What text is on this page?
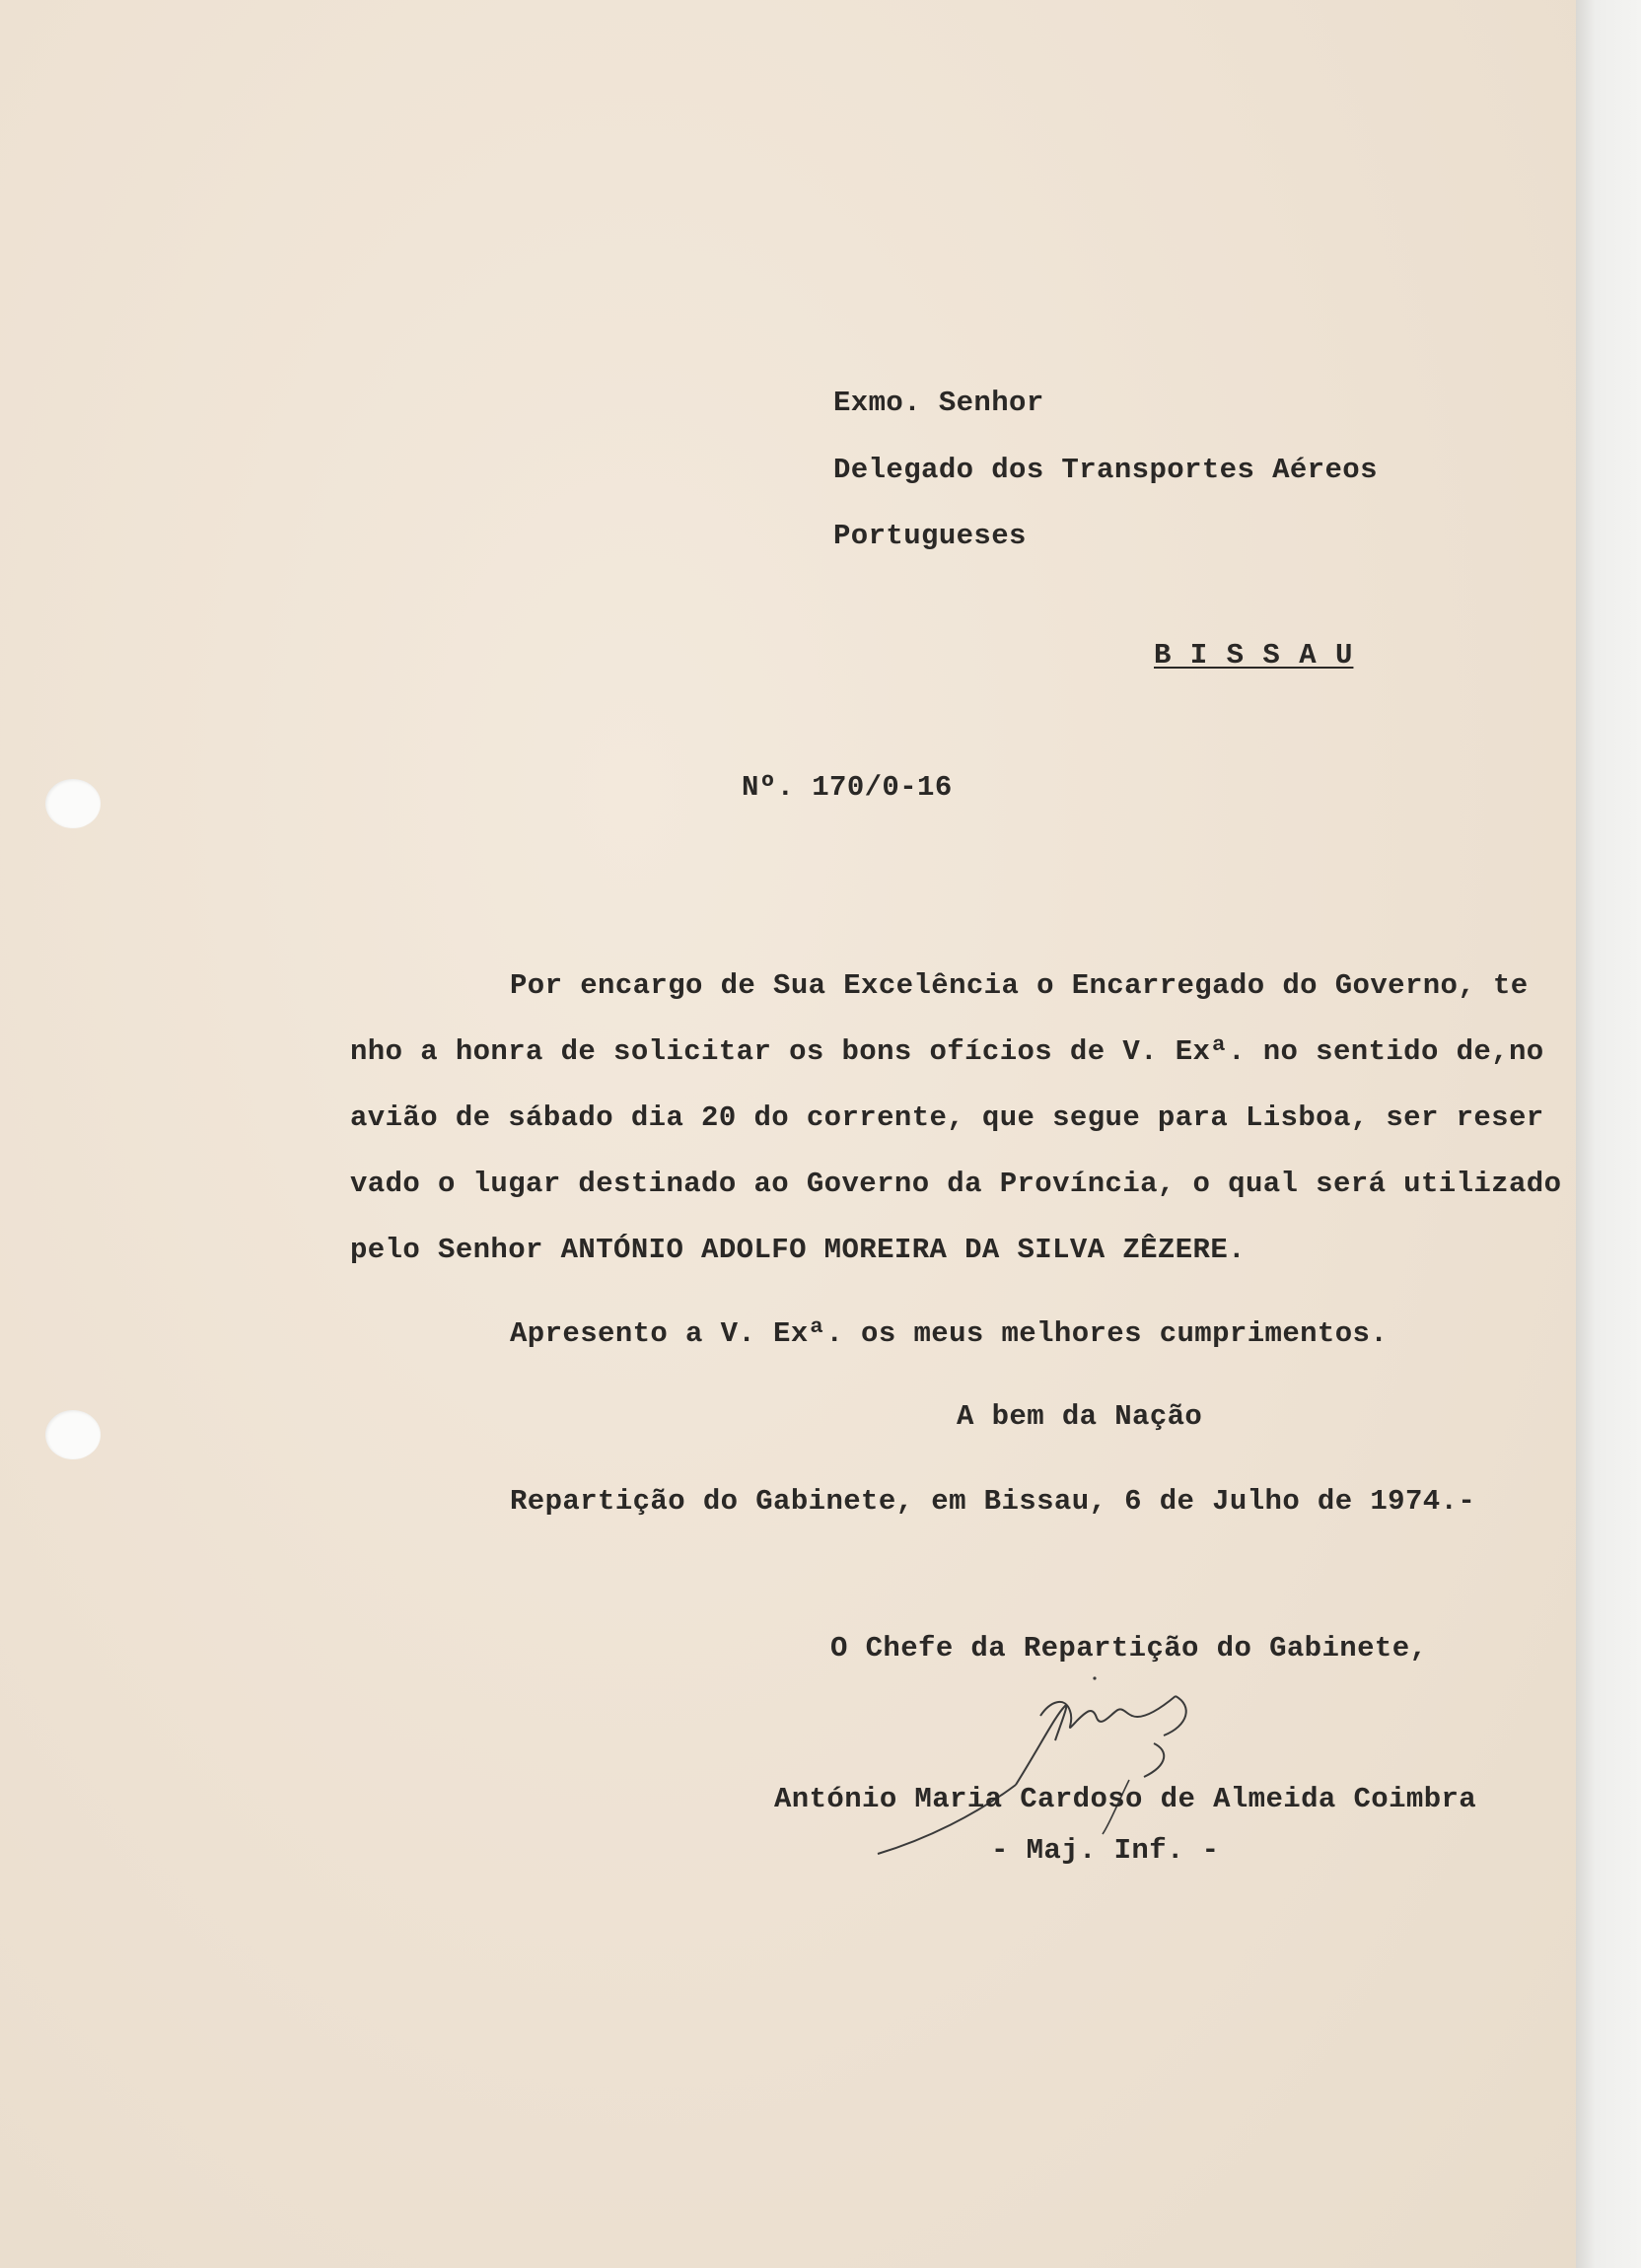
Exmo. Senhor
Delegado dos Transportes Aéreos
Portugueses
B I S S A U
Nº. 170/0-16
Por encargo de Sua Excelência o Encarregado do Governo, te
nho a honra de solicitar os bons ofícios de V. Exª. no sentido de,no
avião de sábado dia 20 do corrente, que segue para Lisboa, ser reser
vado o lugar destinado ao Governo da Província, o qual será utilizado
pelo Senhor ANTÓNIO ADOLFO MOREIRA DA SILVA ZÊZERE.
Apresento a V. Exª. os meus melhores cumprimentos.
A bem da Nação
Repartição do Gabinete, em Bissau, 6 de Julho de 1974.-
O Chefe da Repartição do Gabinete,
António Maria Cardoso de Almeida Coimbra
- Maj. Inf. -
